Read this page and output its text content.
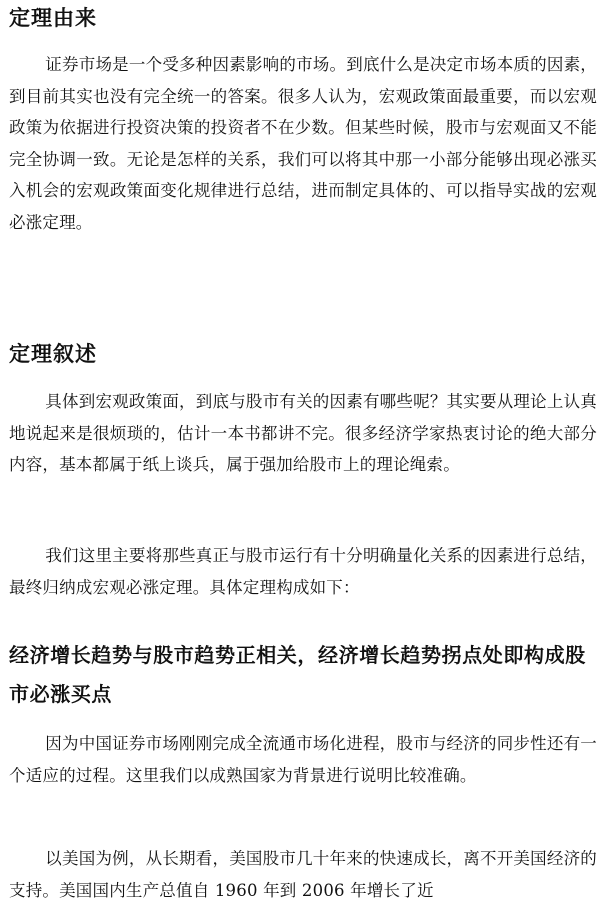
定理由来

证券市场是一个受多种因素影响的市场。到底什么是决定市场本质的因素，到目前其实也没有完全统一的答案。很多人认为，宏观政策面最重要，而以宏观政策为依据进行投资决策的投资者不在少数。但某些时候，股市与宏观面又不能完全协调一致。无论是怎样的关系，我们可以将其中那一小部分能够出现必涨买入机会的宏观政策面变化规律进行总结，进而制定具体的、可以指导实战的宏观必涨定理。

定理叙述

具体到宏观政策面，到底与股市有关的因素有哪些呢？其实要从理论上认真地说起来是很烦琐的，估计一本书都讲不完。很多经济学家热衷讨论的绝大部分内容，基本都属于纸上谈兵，属于强加给股市上的理论绳索。

我们这里主要将那些真正与股市运行有十分明确量化关系的因素进行总结，最终归纳成宏观必涨定理。具体定理构成如下：

经济增长趋势与股市趋势正相关，经济增长趋势拐点处即构成股市必涨买点

因为中国证券市场刚刚完成全流通市场化进程，股市与经济的同步性还有一个适应的过程。这里我们以成熟国家为背景进行说明比较准确。

以美国为例，从长期看，美国股市几十年来的快速成长，离不开美国经济的支持。美国国内生产总值自 1960 年到 2006 年增长了近
